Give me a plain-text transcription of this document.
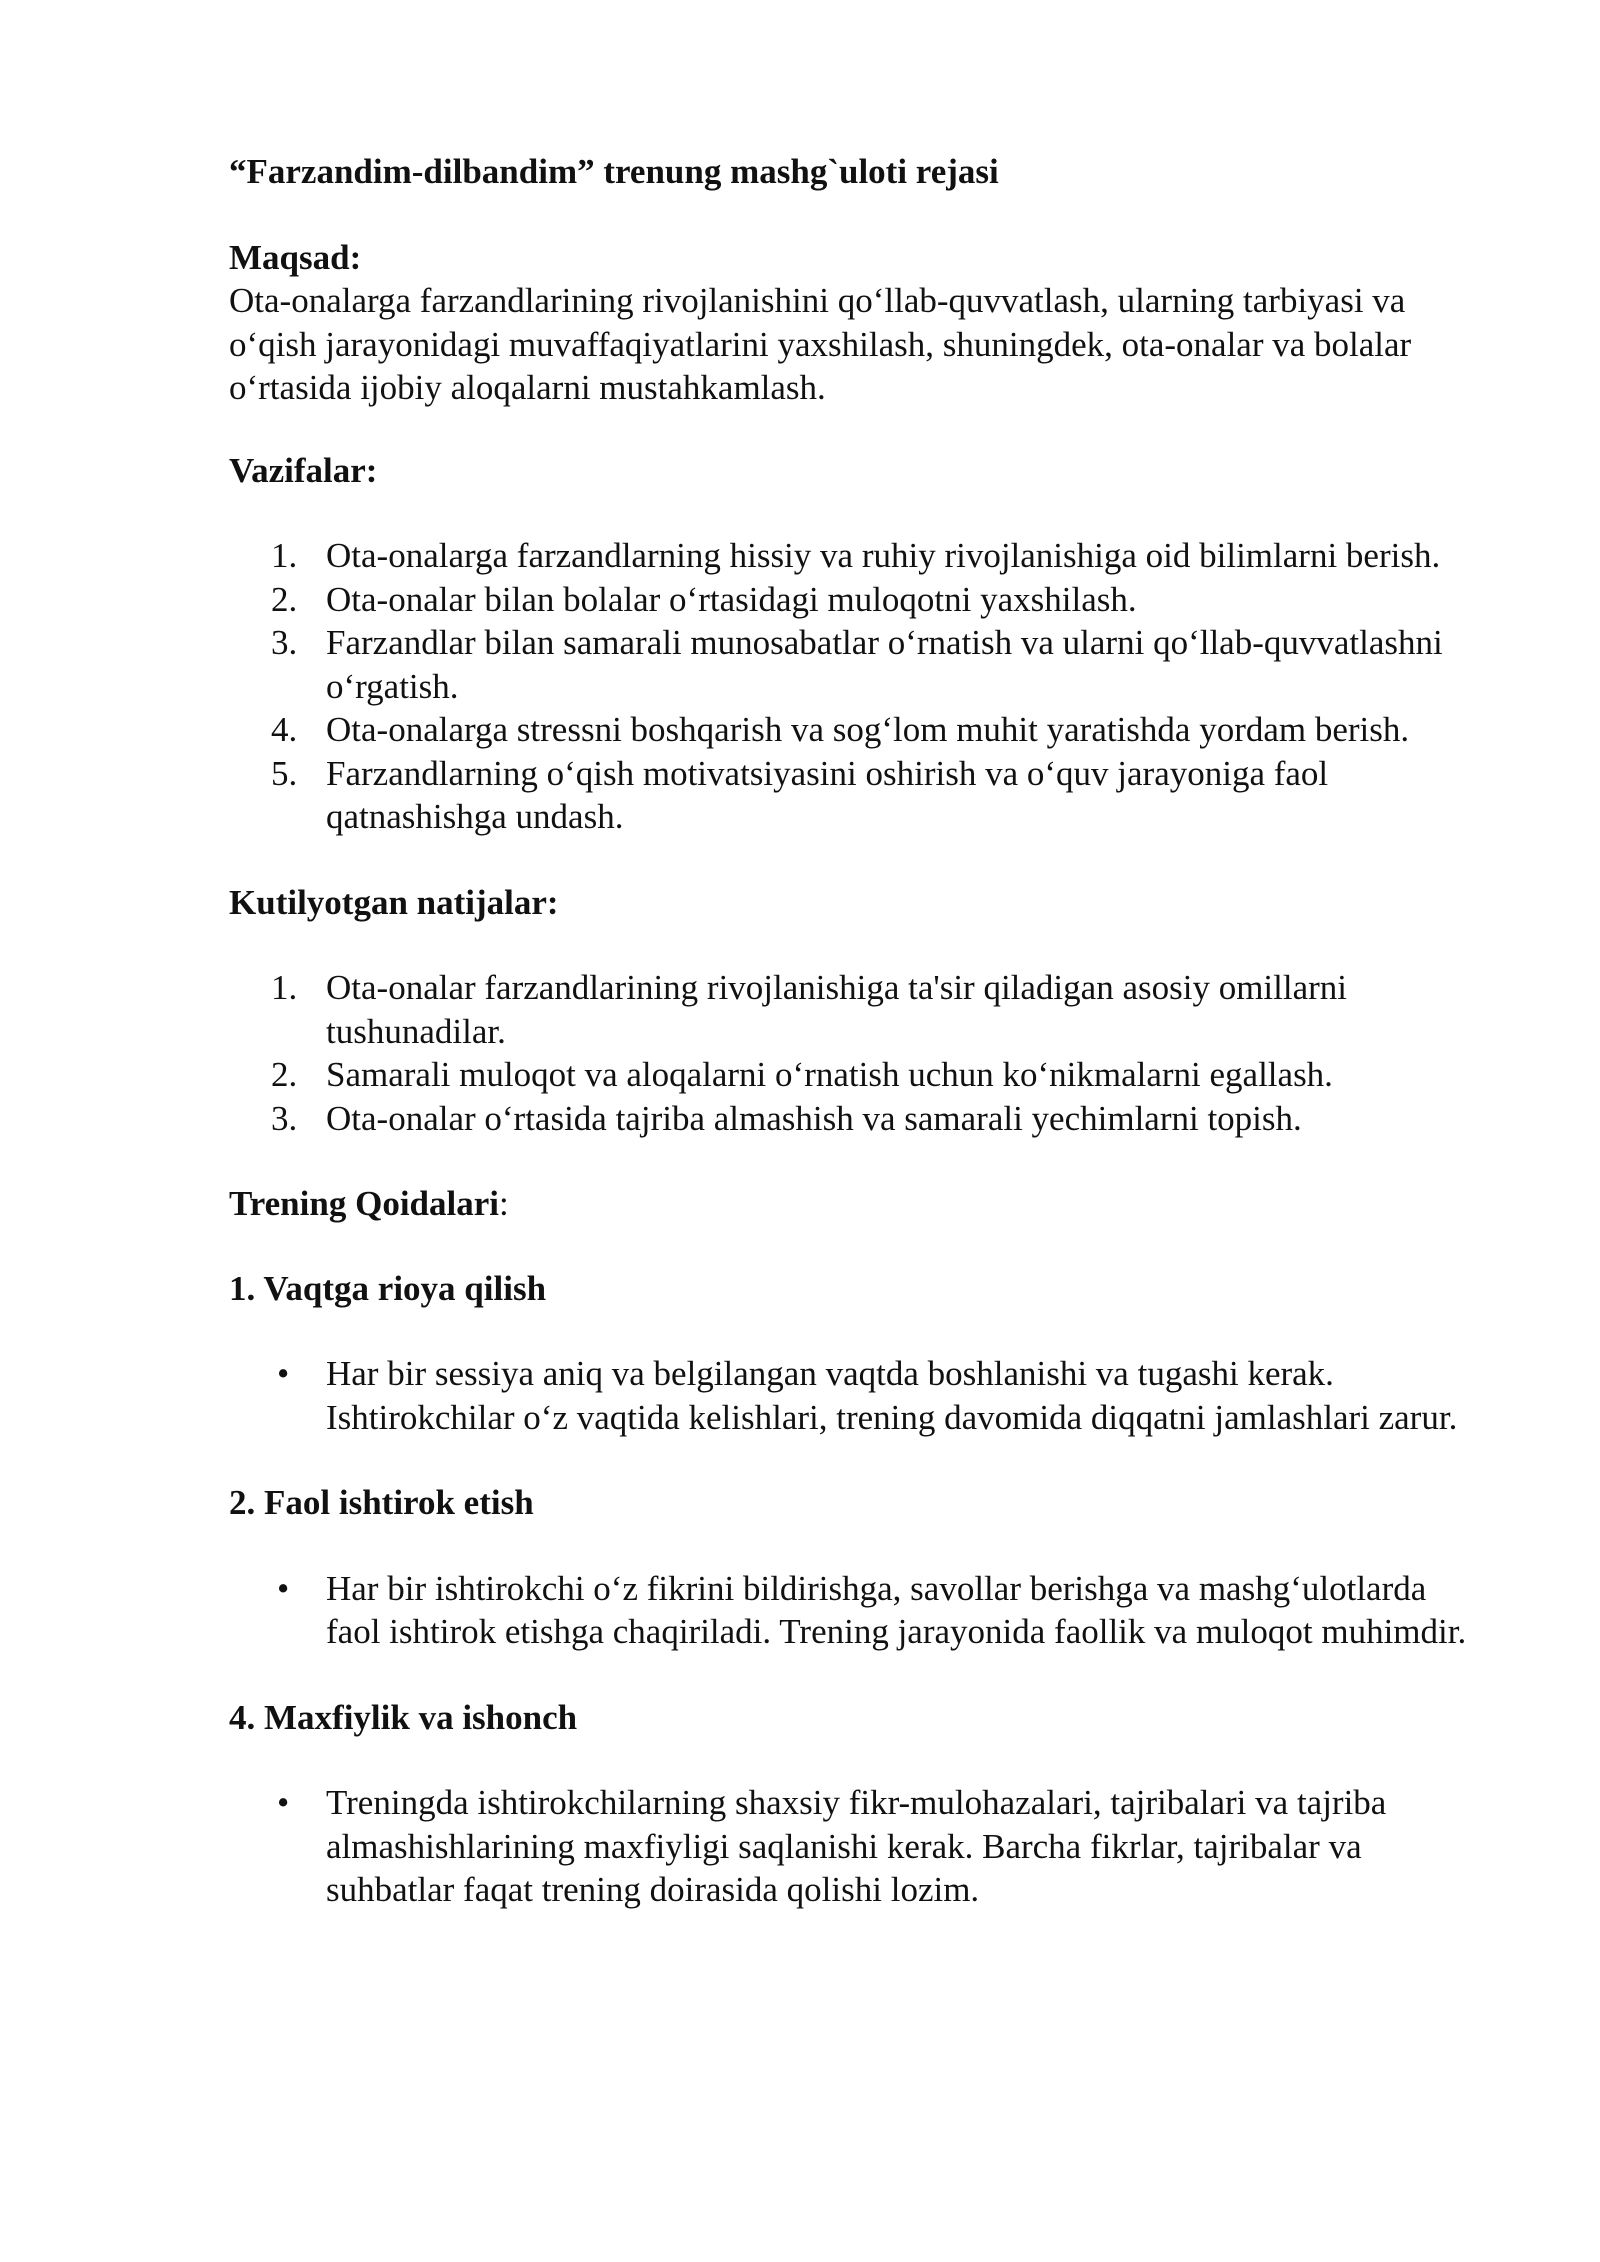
“Farzandim-dilbandim” trenung mashg`uloti rejasi

Maqsad:

Ota-onalarga farzandlarining rivojlanishini qo‘llab-quvvatlash, ularning tarbiyasi va o‘qish jarayonidagi muvaffaqiyatlarini yaxshilash, shuningdek, ota-onalar va bolalar o‘rtasida ijobiy aloqalarni mustahkamlash.

Vazifalar:

1. Ota-onalarga farzandlarning hissiy va ruhiy rivojlanishiga oid bilimlarni berish.
2. Ota-onalar bilan bolalar o‘rtasidagi muloqotni yaxshilash.
3. Farzandlar bilan samarali munosabatlar o‘rnatish va ularni qo‘llab-quvvatlashni o‘rgatish.
4. Ota-onalarga stressni boshqarish va sog‘lom muhit yaratishda yordam berish.
5. Farzandlarning o‘qish motivatsiyasini oshirish va o‘quv jarayoniga faol qatnashishga undash.

Kutilyotgan natijalar:

1. Ota-onalar farzandlarining rivojlanishiga ta'sir qiladigan asosiy omillarni tushunadilar.
2. Samarali muloqot va aloqalarni o‘rnatish uchun ko‘nikmalarni egallash.
3. Ota-onalar o‘rtasida tajriba almashish va samarali yechimlarni topish.

Trening Qoidalari:

1. Vaqtga rioya qilish

• Har bir sessiya aniq va belgilangan vaqtda boshlanishi va tugashi kerak. Ishtirokchilar o‘z vaqtida kelishlari, trening davomida diqqatni jamlashlari zarur.

2. Faol ishtirok etish

• Har bir ishtirokchi o‘z fikrini bildirishga, savollar berishga va mashg‘ulotlarda faol ishtirok etishga chaqiriladi. Trening jarayonida faollik va muloqot muhimdir.

4. Maxfiylik va ishonch

• Treningda ishtirokchilarning shaxsiy fikr-mulohazalari, tajribalari va tajriba almashishlarining maxfiyligi saqlanishi kerak. Barcha fikrlar, tajribalar va suhbatlar faqat trening doirasida qolishi lozim.
